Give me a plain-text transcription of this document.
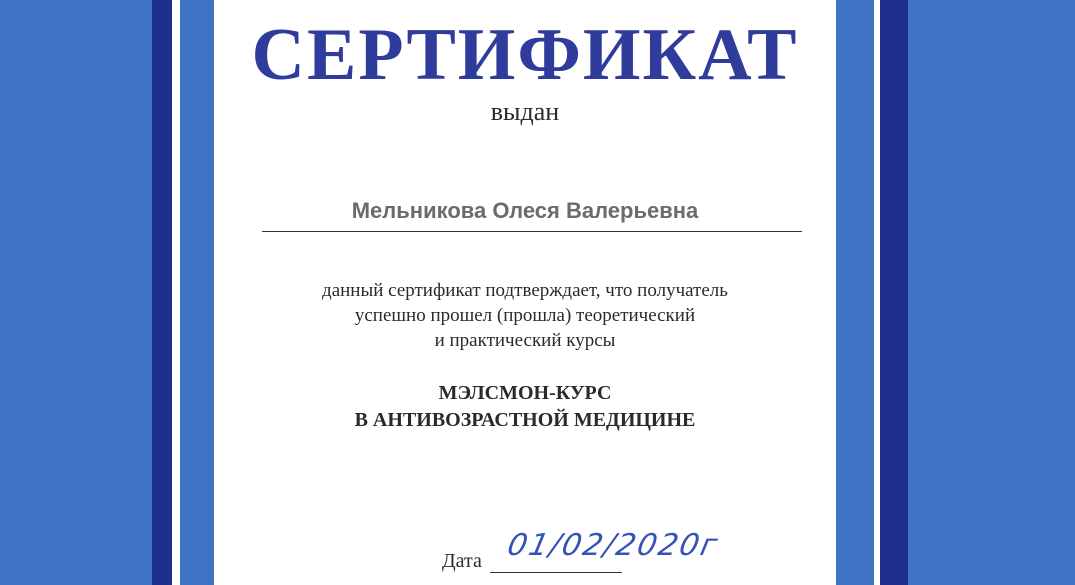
СЕРТИФИКАТ
выдан
Мельникова Олеся Валерьевна
данный сертификат подтверждает, что получатель
успешно прошел (прошла) теоретический
и практический курсы
МЭЛСМОН-КУРС
В АНТИВОЗРАСТНОЙ МЕДИЦИНЕ
Дата 01/02/2020г
